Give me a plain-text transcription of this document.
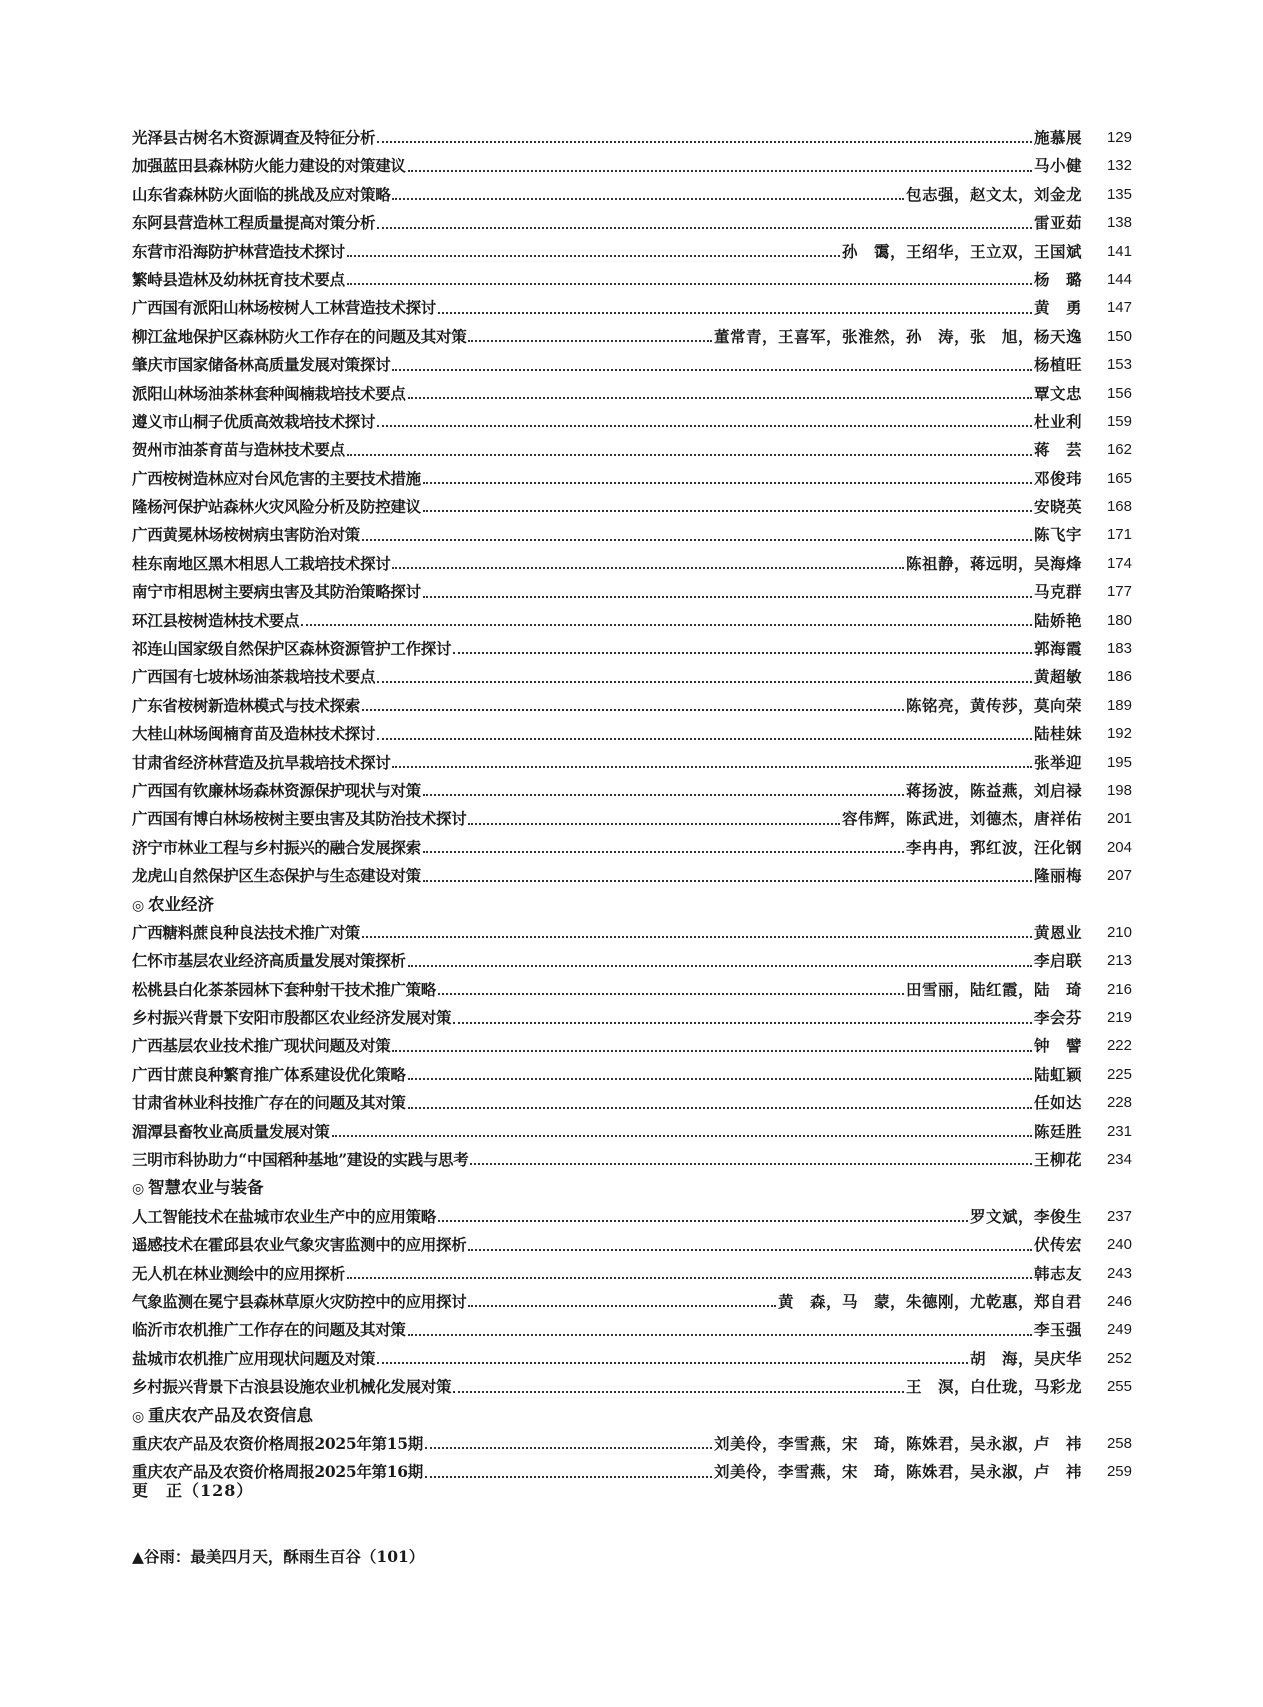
光泽县古树名木资源调查及特征分析	施慕展	129
加强蓝田县森林防火能力建设的对策建议	马小健	132
山东省森林防火面临的挑战及应对策略	包志强，赵文太，刘金龙	135
东阿县营造林工程质量提高对策分析	雷亚茹	138
东营市沿海防护林营造技术探讨	孙　霭，王绍华，王立双，王国斌	141
繁峙县造林及幼林抚育技术要点	杨　璐	144
广西国有派阳山林场桉树人工林营造技术探讨	黄　勇	147
柳江盆地保护区森林防火工作存在的问题及其对策	董常青，王喜军，张淮然，孙　涛，张　旭，杨天逸	150
肇庆市国家储备林高质量发展对策探讨	杨植旺	153
派阳山林场油茶林套种闽楠栽培技术要点	覃文忠	156
遵义市山桐子优质高效栽培技术探讨	杜业利	159
贺州市油茶育苗与造林技术要点	蒋　芸	162
广西桉树造林应对台风危害的主要技术措施	邓俊玮	165
隆杨河保护站森林火灾风险分析及防控建议	安晓英	168
广西黄冕林场桉树病虫害防治对策	陈飞宇	171
桂东南地区黑木相思人工栽培技术探讨	陈祖静，蒋远明，吴海烽	174
南宁市相思树主要病虫害及其防治策略探讨	马克群	177
环江县桉树造林技术要点	陆娇艳	180
祁连山国家级自然保护区森林资源管护工作探讨	郭海霞	183
广西国有七坡林场油茶栽培技术要点	黄超敏	186
广东省桉树新造林模式与技术探索	陈铭亮，黄传莎，莫向荣	189
大桂山林场闽楠育苗及造林技术探讨	陆桂妹	192
甘肃省经济林营造及抗旱栽培技术探讨	张举迎	195
广西国有钦廉林场森林资源保护现状与对策	蒋扬波，陈益燕，刘启禄	198
广西国有博白林场桉树主要虫害及其防治技术探讨	容伟辉，陈武进，刘德杰，唐祥佑	201
济宁市林业工程与乡村振兴的融合发展探索	李冉冉，郛红波，汪化钢	204
龙虎山自然保护区生态保护与生态建设对策	隆丽梅	207
◎ 农业经济
广西糖料蔗良种良法技术推广对策	黄恩业	210
仁怀市基层农业经济高质量发展对策探析	李启联	213
松桃县白化茶茶园林下套种射干技术推广策略	田雪丽，陆红霞，陆　琦	216
乡村振兴背景下安阳市殷都区农业经济发展对策	李会芬	219
广西基层农业技术推广现状问题及对策	钟　譬	222
广西甘蔗良种繁育推广体系建设优化策略	陆虹颖	225
甘肃省林业科技推广存在的问题及其对策	任如达	228
湄潭县畜牧业高质量发展对策	陈廷胜	231
三明市科协助力“中国稻种基地”建设的实践与思考	王柳花	234
◎ 智慧农业与装备
人工智能技术在盐城市农业生产中的应用策略	罗文斌，李俊生	237
遥感技术在霍邱县农业气象灾害监测中的应用探析	伏传宏	240
无人机在林业测绘中的应用探析	韩志友	243
气象监测在冕宁县森林草原火灾防控中的应用探讨	黄　森，马　蒙，朱德刚，尤乾惠，郑自君	246
临沂市农机推广工作存在的问题及其对策	李玉强	249
盐城市农机推广应用现状问题及对策	胡　海，吴庆华	252
乡村振兴背景下古浪县设施农业机械化发展对策	王　溟，白仕珑，马彩龙	255
◎ 重庆农产品及农资信息
重庆农产品及农资价格周报2025年第15期	刘美伶，李雪燕，宋　琦，陈姝君，吴永淑，卢　祎	258
重庆农产品及农资价格周报2025年第16期	刘美伶，李雪燕，宋　琦，陈姝君，吴永淑，卢　祎	259
更　正（128）
▲谷雨：最美四月天，酥雨生百谷（101）
